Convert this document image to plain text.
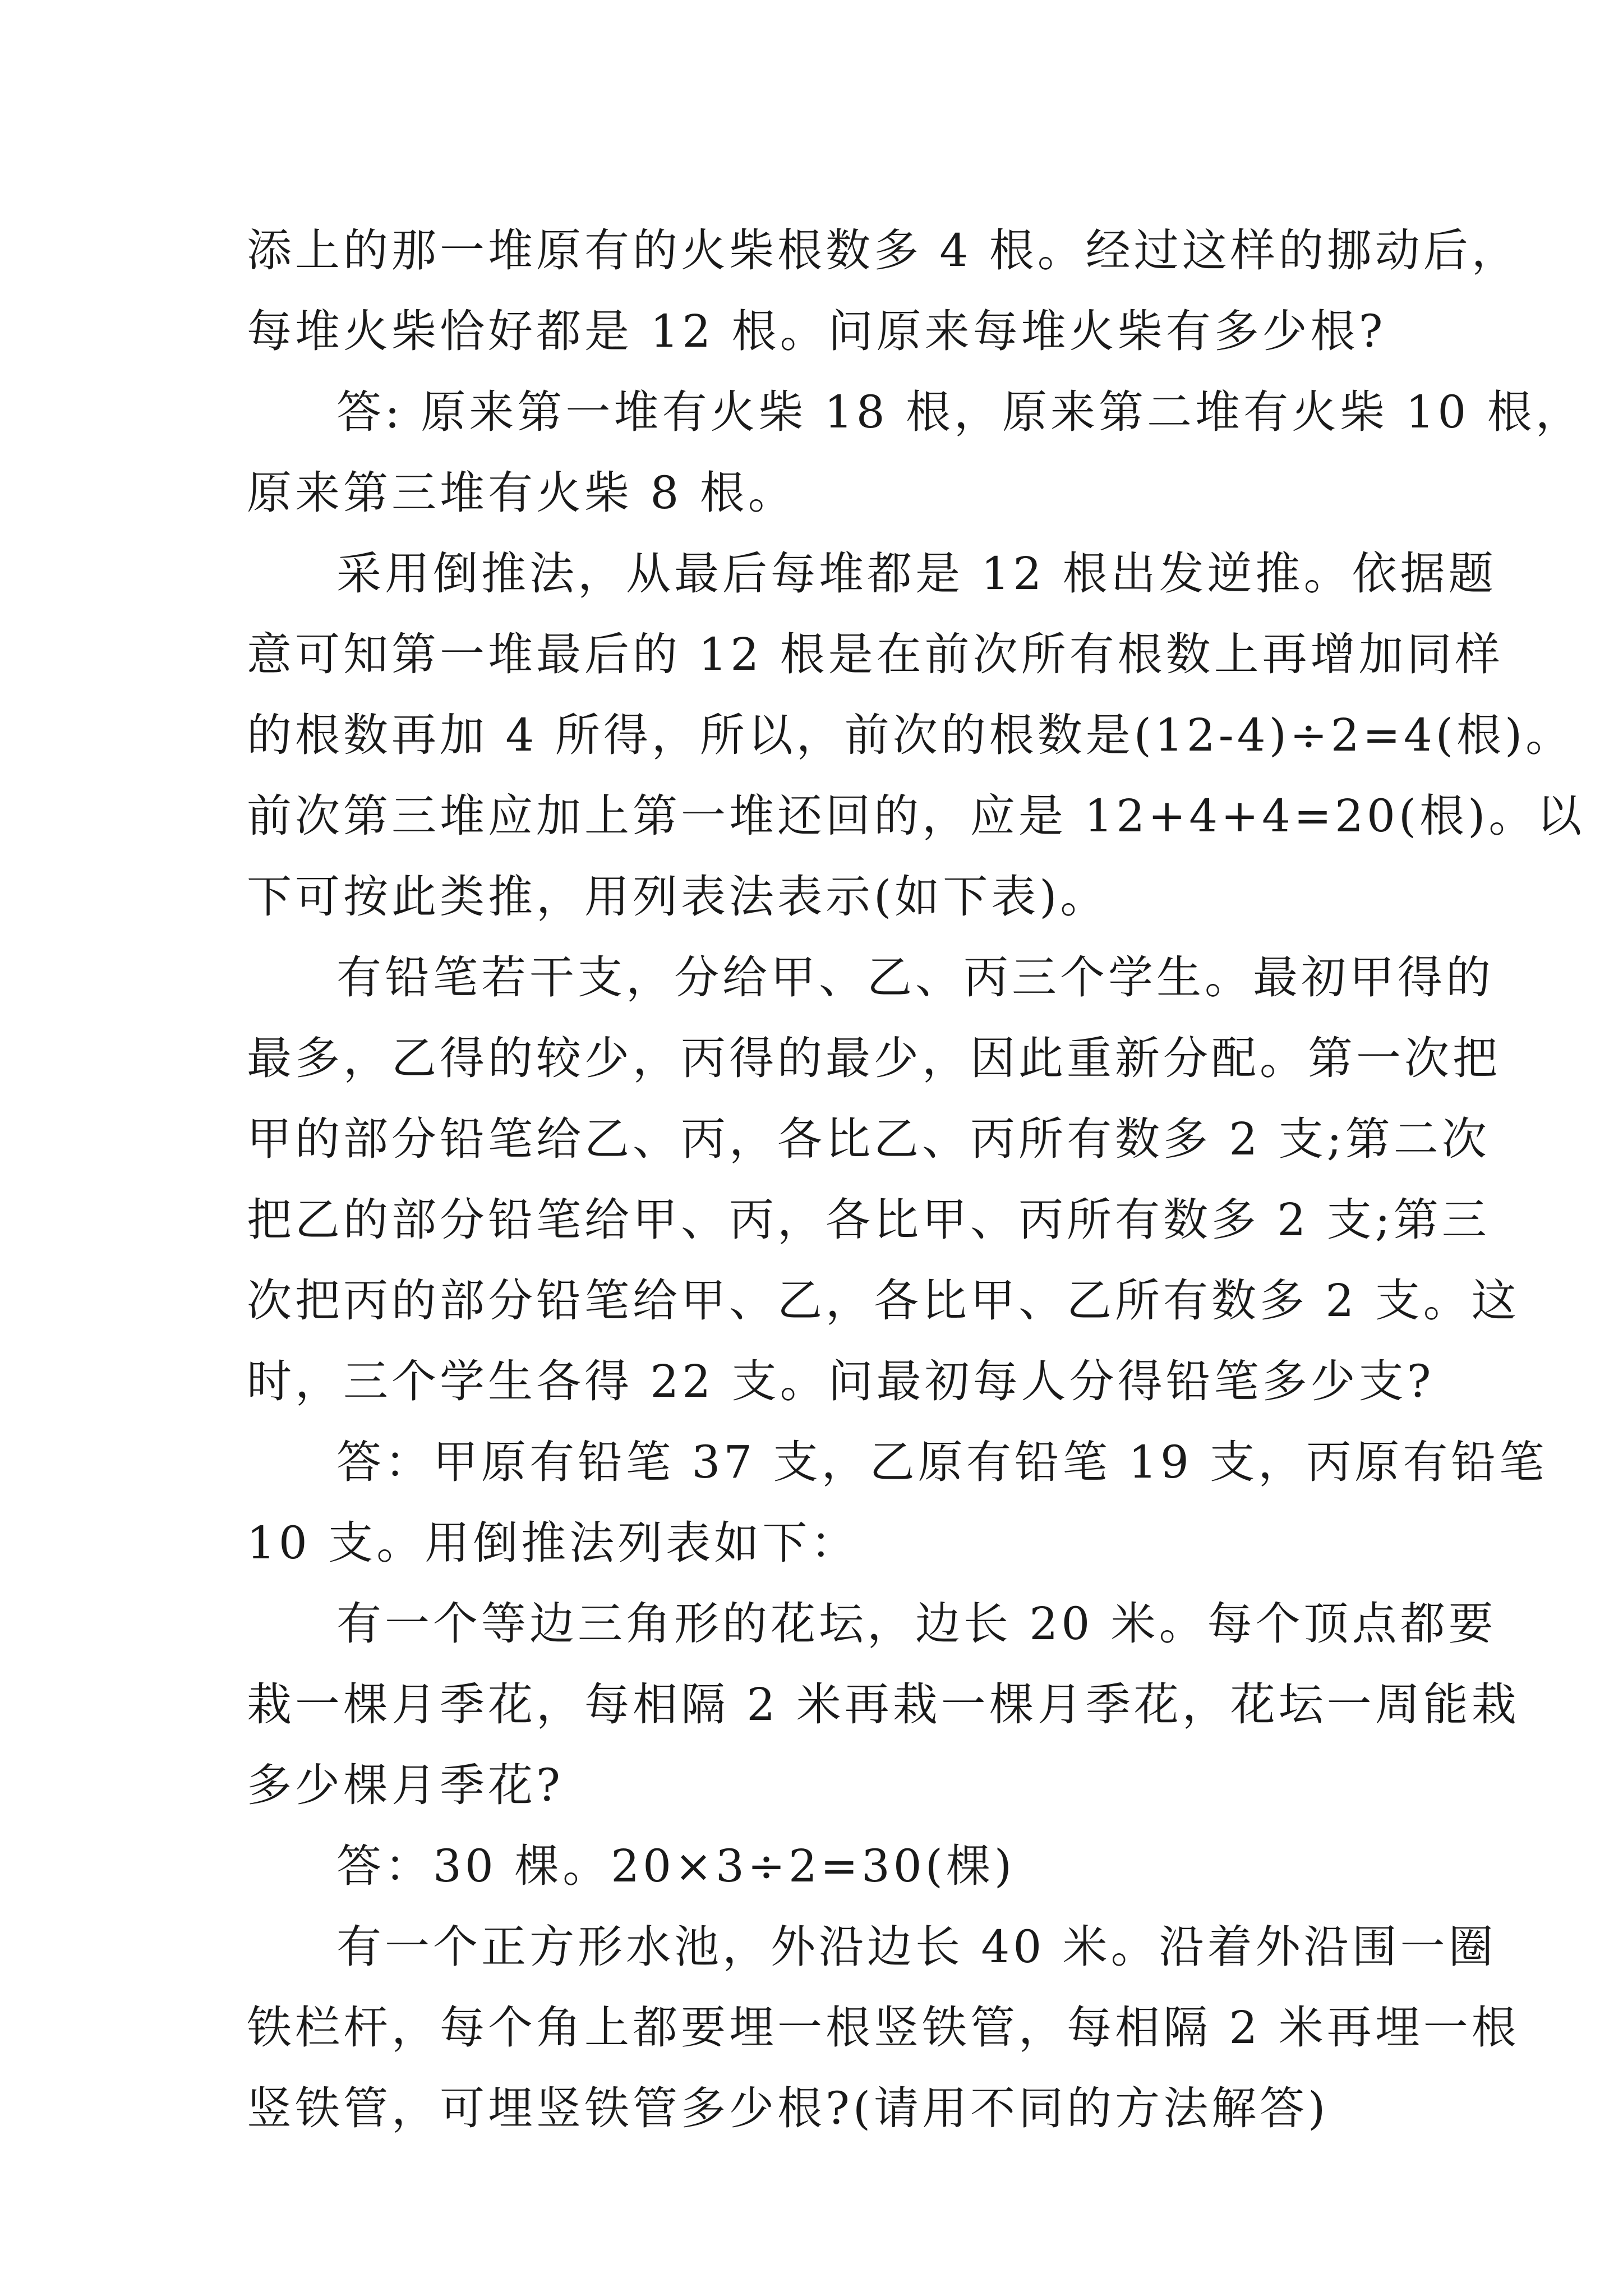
添上的那一堆原有的火柴根数多 4 根。经过这样的挪动后，
每堆火柴恰好都是 12 根。问原来每堆火柴有多少根?
答: 原来第一堆有火柴 18 根，原来第二堆有火柴 10 根，
原来第三堆有火柴 8 根。
采用倒推法，从最后每堆都是 12 根出发逆推。依据题
意可知第一堆最后的 12 根是在前次所有根数上再增加同样
的根数再加 4 所得，所以，前次的根数是(12-4)÷2=4(根)。
前次第三堆应加上第一堆还回的，应是 12+4+4=20(根)。以
下可按此类推，用列表法表示(如下表)。
有铅笔若干支，分给甲、乙、丙三个学生。最初甲得的
最多，乙得的较少，丙得的最少，因此重新分配。第一次把
甲的部分铅笔给乙、丙，各比乙、丙所有数多 2 支;第二次
把乙的部分铅笔给甲、丙，各比甲、丙所有数多 2 支;第三
次把丙的部分铅笔给甲、乙，各比甲、乙所有数多 2 支。这
时，三个学生各得 22 支。问最初每人分得铅笔多少支?
答：甲原有铅笔 37 支，乙原有铅笔 19 支，丙原有铅笔
10 支。用倒推法列表如下：
有一个等边三角形的花坛，边长 20 米。每个顶点都要
栽一棵月季花，每相隔 2 米再栽一棵月季花，花坛一周能栽
多少棵月季花?
答：30 棵。20×3÷2=30(棵)
有一个正方形水池，外沿边长 40 米。沿着外沿围一圈
铁栏杆，每个角上都要埋一根竖铁管，每相隔 2 米再埋一根
竖铁管，可埋竖铁管多少根?(请用不同的方法解答)
